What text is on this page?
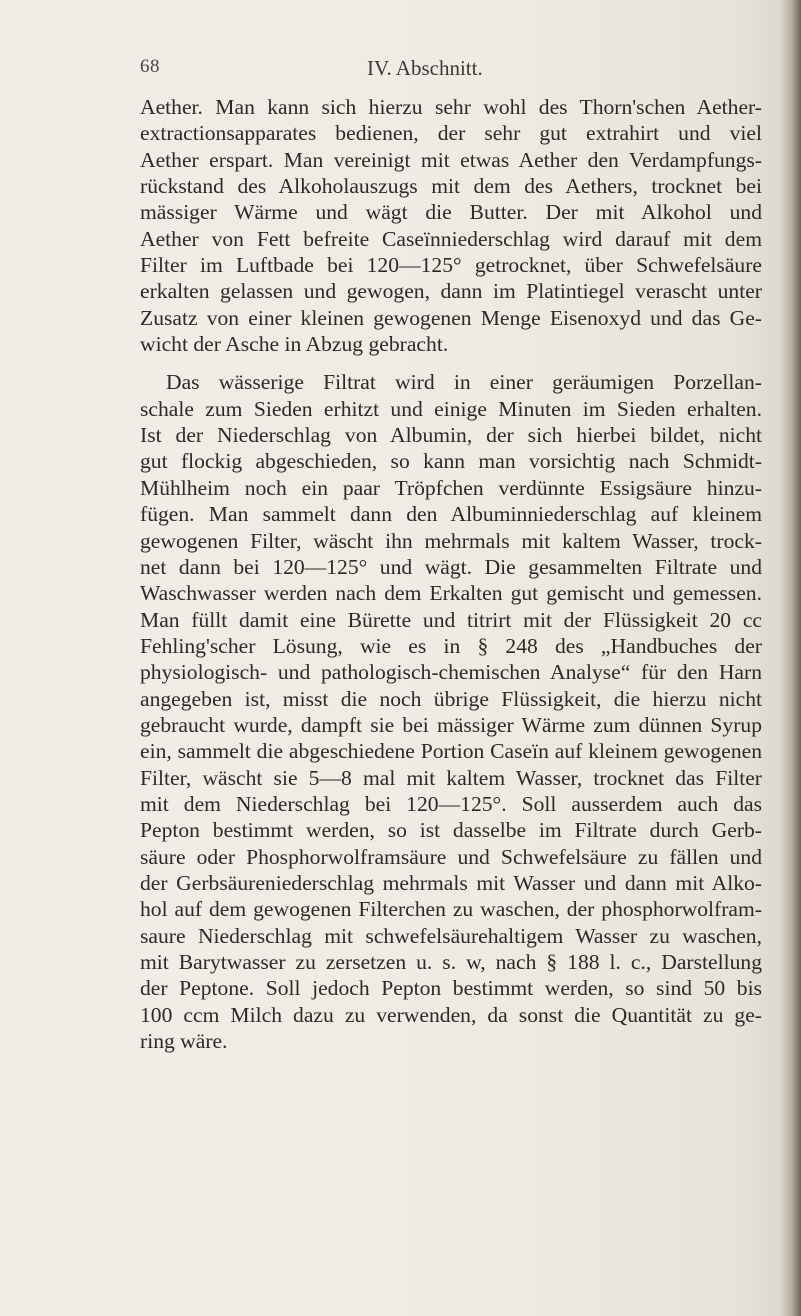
68	IV. Abschnitt.

Aether. Man kann sich hierzu sehr wohl des Thorn'schen Aether-

extractionsapparates bedienen, der sehr gut extrahirt und viel

Aether erspart. Man vereinigt mit etwas Aether den Verdampfungs-

rückstand des Alkoholauszugs mit dem des Aethers, trocknet bei

mässiger Wärme und wägt die Butter. Der mit Alkohol und

Aether von Fett befreite Caseïnniederschlag wird darauf mit dem

Filter im Luftbade bei 120—125° getrocknet, über Schwefelsäure

erkalten gelassen und gewogen, dann im Platintiegel verascht unter

Zusatz von einer kleinen gewogenen Menge Eisenoxyd und das Ge-

wicht der Asche in Abzug gebracht.

Das wässerige Filtrat wird in einer geräumigen Porzellan-

schale zum Sieden erhitzt und einige Minuten im Sieden erhalten.

Ist der Niederschlag von Albumin, der sich hierbei bildet, nicht

gut flockig abgeschieden, so kann man vorsichtig nach Schmidt-

Mühlheim noch ein paar Tröpfchen verdünnte Essigsäure hinzu-

fügen. Man sammelt dann den Albuminniederschlag auf kleinem

gewogenen Filter, wäscht ihn mehrmals mit kaltem Wasser, trock-

net dann bei 120—125° und wägt. Die gesammelten Filtrate und

Waschwasser werden nach dem Erkalten gut gemischt und gemessen.

Man füllt damit eine Bürette und titrirt mit der Flüssigkeit 20 cc

Fehling'scher Lösung, wie es in § 248 des „Handbuches der

physiologisch- und pathologisch-chemischen Analyse“ für den Harn

angegeben ist, misst die noch übrige Flüssigkeit, die hierzu nicht

gebraucht wurde, dampft sie bei mässiger Wärme zum dünnen Syrup

ein, sammelt die abgeschiedene Portion Caseïn auf kleinem gewogenen

Filter, wäscht sie 5—8 mal mit kaltem Wasser, trocknet das Filter

mit dem Niederschlag bei 120—125°. Soll ausserdem auch das

Pepton bestimmt werden, so ist dasselbe im Filtrate durch Gerb-

säure oder Phosphorwolframsäure und Schwefelsäure zu fällen und

der Gerbsäureniederschlag mehrmals mit Wasser und dann mit Alko-

hol auf dem gewogenen Filterchen zu waschen, der phosphorwolfram-

saure Niederschlag mit schwefelsäurehaltigem Wasser zu waschen,

mit Barytwasser zu zersetzen u. s. w, nach § 188 l. c., Darstellung

der Peptone. Soll jedoch Pepton bestimmt werden, so sind 50 bis

100 ccm Milch dazu zu verwenden, da sonst die Quantität zu ge-

ring wäre.
